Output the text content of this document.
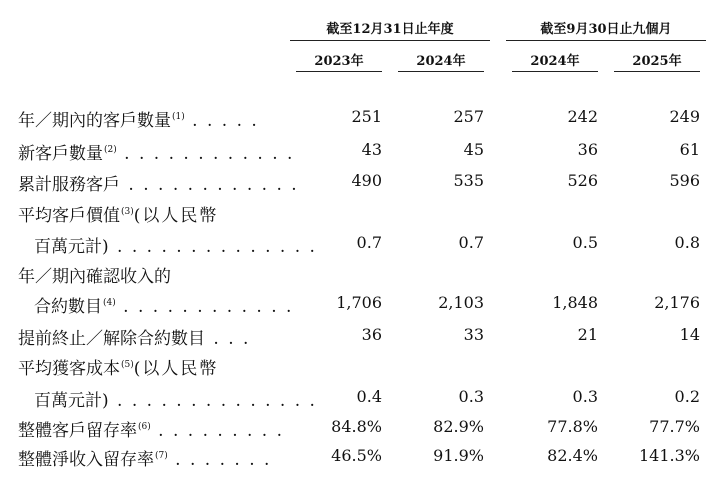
截至12月31日止年度	截至9月30日止九個月
2023年	2024年	2024年	2025年
年／期內的客戶數量$^{(1)}$ . . . . .	251	257	242	249
新客戶數量$^{(2)}$ . . . . . . . . . . . .	43	45	36	61
累計服務客戶 . . . . . . . . . . . .	490	535	526	596
平均客戶價值$^{(3)}$(以人民幣
百萬元計) . . . . . . . . . . . . . .	0.7	0.7	0.5	0.8
年／期內確認收入的
合約數目$^{(4)}$ . . . . . . . . . . . .	1,706	2,103	1,848	2,176
提前終止／解除合約數目 . . .	36	33	21	14
平均獲客成本$^{(5)}$(以人民幣
百萬元計) . . . . . . . . . . . . . .	0.4	0.3	0.3	0.2
整體客戶留存率$^{(6)}$ . . . . . . . . .	84.8%	82.9%	77.8%	77.7%
整體淨收入留存率$^{(7)}$ . . . . . . .	46.5%	91.9%	82.4%	141.3%
